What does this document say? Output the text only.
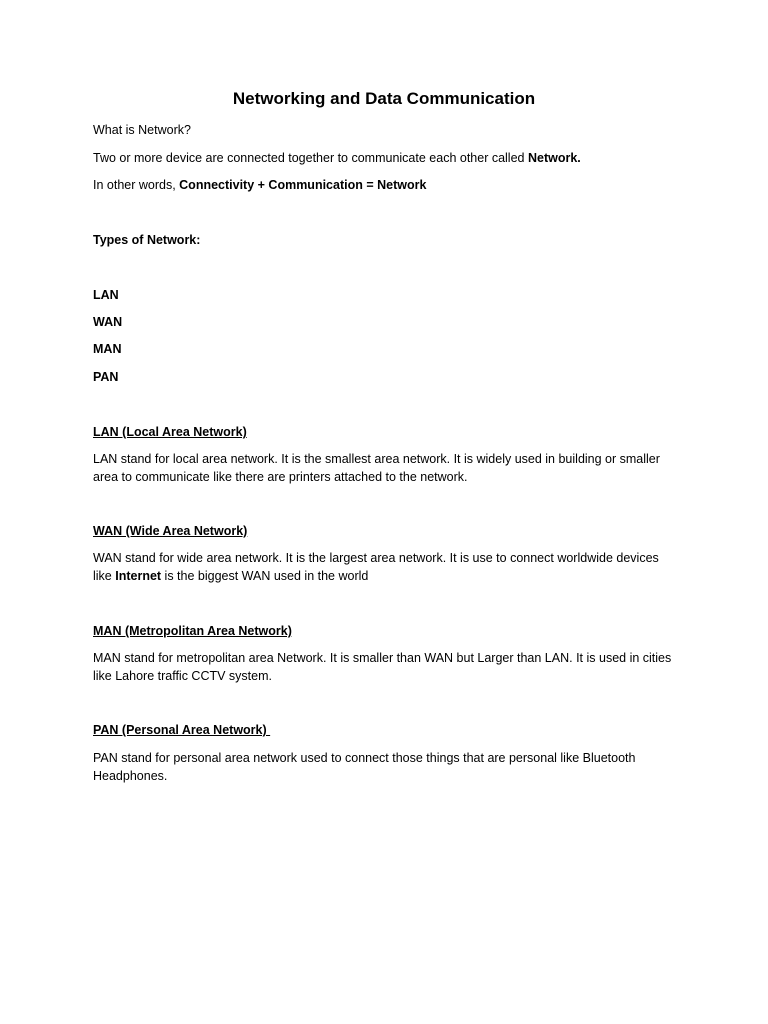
Networking and Data Communication

What is Network?

Two or more device are connected together to communicate each other called Network.

In other words, Connectivity + Communication = Network

Types of Network:

LAN

WAN

MAN

PAN

LAN (Local Area Network)

LAN stand for local area network. It is the smallest area network. It is widely used in building or smaller area to communicate like there are printers attached to the network.

WAN (Wide Area Network)

WAN stand for wide area network. It is the largest area network. It is use to connect worldwide devices like Internet is the biggest WAN used in the world

MAN (Metropolitan Area Network)

MAN stand for metropolitan area Network. It is smaller than WAN but Larger than LAN. It is used in cities like Lahore traffic CCTV system.

PAN (Personal Area Network)

PAN stand for personal area network used to connect those things that are personal like Bluetooth Headphones.
